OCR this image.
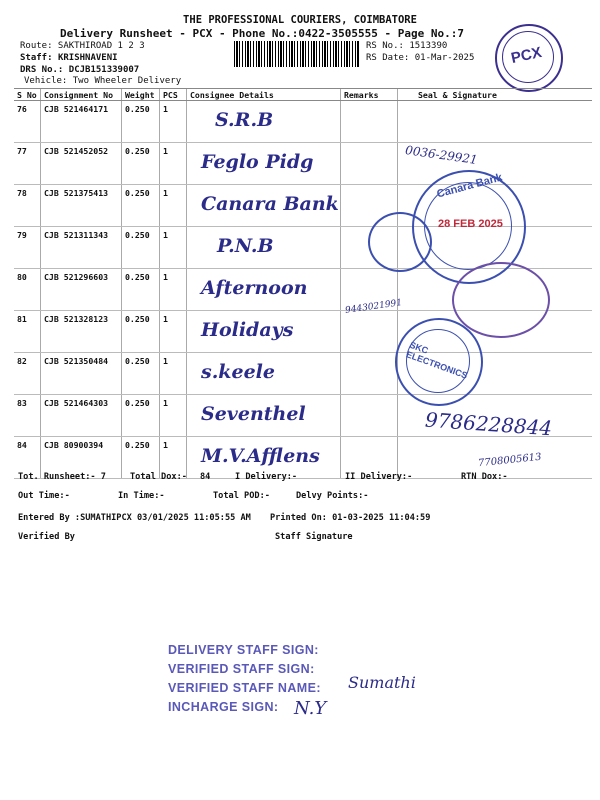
THE PROFESSIONAL COURIERS, COIMBATORE
Delivery Runsheet - PCX - Phone No.:0422-3505555 - Page No.:7
Route: SAKTHIROAD 1 2 3
Staff: KRISHNAVENI
DRS No.: DCJB151339007
Vehicle: Two Wheeler Delivery
RS No.: 1513390
RS Date: 01-Mar-2025 PCX
S No	Consignment No	Weight	PCS	Consignee Details	Remarks	Seal & Signature
76	CJB 521464171	0.250	1	S.R.B		

77	CJB 521452052	0.250	1	Feglo Pidg		

78	CJB 521375413	0.250	1	Canara Bank		

79	CJB 521311343	0.250	1	P.N.B		

80	CJB 521296603	0.250	1	Afternoon		

81	CJB 521328123	0.250	1	Holidays		

82	CJB 521350484	0.250	1	s.keele		

83	CJB 521464303	0.250	1	Seventhel		

84	CJB 80900394	0.250	1	M.V.Afflens		

0036-29921
Canara Bank
28 FEB 2025
9443021991
SKC ELECTRONICS
9786228844
7708005613
Tot. Runsheet:- 7	Total Dox:- 84	I Delivery:-	II Delivery:-	RTN Dox:-
Out Time:-	In Time:-	Total POD:-	Delvy Points:-
Entered By :SUMATHIPCX 03/01/2025 11:05:55 AM Printed On: 01-03-2025 11:04:59
Verified By	Staff Signature
DELIVERY STAFF SIGN:
VERIFIED STAFF SIGN:
VERIFIED STAFF NAME:
INCHARGE SIGN:
Sumathi
N.Y
